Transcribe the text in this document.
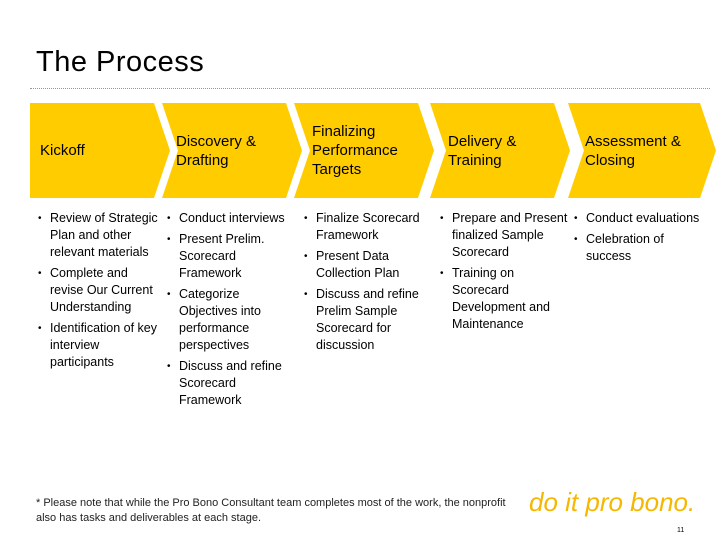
The Process
Kickoff
Discovery & Drafting
Finalizing Performance Targets
Delivery & Training
Assessment & Closing
• Review of Strategic Plan and other relevant materials
• Complete and revise Our Current Understanding
• Identification of key interview participants
• Conduct interviews
• Present Prelim. Scorecard Framework
• Categorize Objectives into performance perspectives
• Discuss and refine Scorecard Framework
• Finalize Scorecard Framework
• Present Data Collection Plan
• Discuss and refine Prelim Sample Scorecard for discussion
• Prepare and Present finalized Sample Scorecard
• Training on Scorecard Development and Maintenance
• Conduct evaluations
• Celebration of success
* Please note that while the Pro Bono Consultant team completes most of the work, the nonprofit also has tasks and deliverables at each stage.
do it pro bono.
11
